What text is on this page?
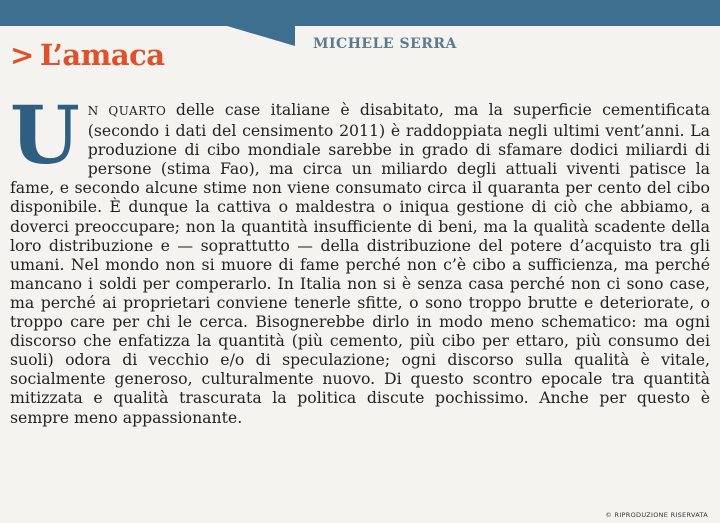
MICHELE SERRA
> L’amaca
U N QUARTO delle case italiane è disabitato, ma la superficie cementificata (secondo i dati del censimento 2011) è raddoppiata negli ultimi vent’anni. La produzione di cibo mondiale sarebbe in grado di sfamare dodici miliardi di persone (stima Fao), ma circa un miliardo degli attuali viventi patisce la fame, e secondo alcune stime non viene consumato circa il quaranta per cento del cibo disponibile. È dunque la cattiva o maldestra o iniqua gestione di ciò che abbiamo, a doverci preoccupare; non la quantità insufficiente di beni, ma la qualità scadente della loro distribuzione e — soprattutto — della distribuzione del potere d’acquisto tra gli umani. Nel mondo non si muore di fame perché non c’è cibo a sufficienza, ma perché mancano i soldi per comperarlo. In Italia non si è senza casa perché non ci sono case, ma perché ai proprietari conviene tenerle sfitte, o sono troppo brutte e deteriorate, o troppo care per chi le cerca. Bisognerebbe dirlo in modo meno schematico: ma ogni discorso che enfatizza la quantità (più cemento, più cibo per ettaro, più consumo dei suoli) odora di vecchio e/o di speculazione; ogni discorso sulla qualità è vitale, socialmente generoso, culturalmente nuovo. Di questo scontro epocale tra quantità mitizzata e qualità trascurata la politica discute pochissimo. Anche per questo è sempre meno appassionante.
© RIPRODUZIONE RISERVATA
